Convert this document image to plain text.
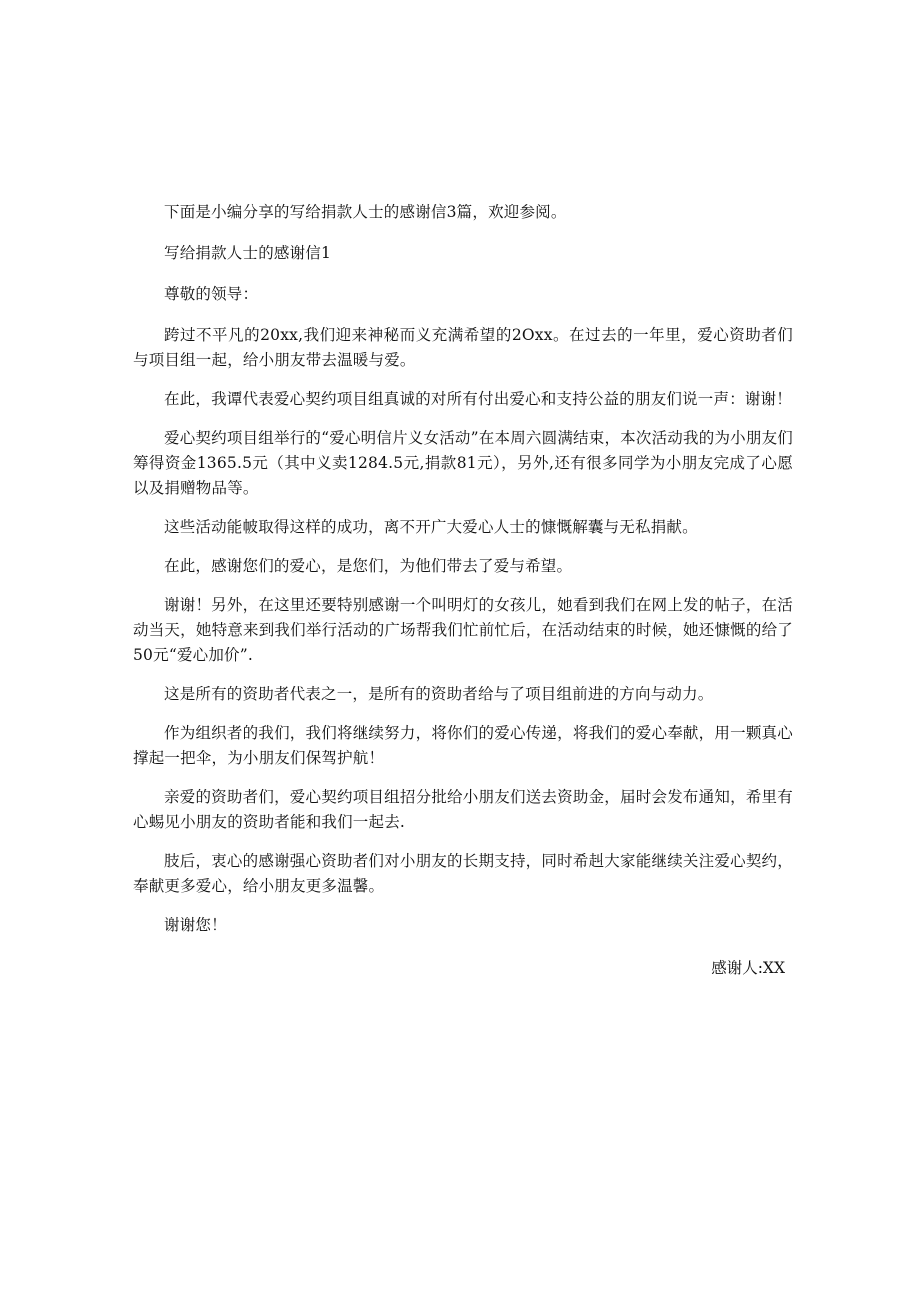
下面是小编分享的写给捐款人士的感谢信3篇，欢迎参阅。

写给捐款人士的感谢信1

尊敬的领导：

跨过不平凡的20xx,我们迎来神秘而义充满希望的2Oxx。在过去的一年里，爱心资助者们与项目组一起，给小朋友带去温暖与爱。

在此，我谭代表爱心契约项目组真诚的对所有付出爱心和支持公益的朋友们说一声：谢谢！

爱心契约项目组举行的“爱心明信片义女活动”在本周六圆满结束，本次活动我的为小朋友们筹得资金1365.5元（其中义卖1284.5元,捐款81元），另外,还有很多同学为小朋友完成了心愿以及捐赠物品等。

这些活动能帔取得这样的成功，离不开广大爱心人士的慷慨解囊与无私捐献。

在此，感谢您们的爱心，是您们，为他们带去了爱与希望。

谢谢！另外，在这里还要特别感谢一个叫明灯的女孩儿，她看到我们在网上发的帖子，在活动当天，她特意来到我们举行活动的广场帮我们忙前忙后，在活动结束的时候，她还慷慨的给了50元“爱心加价”.

这是所有的资助者代表之一，是所有的资助者给与了项目组前进的方向与动力。

作为组织者的我们，我们将继续努力，将你们的爱心传递，将我们的爱心奉献，用一颗真心撑起一把伞，为小朋友们保驾护航！

亲爱的资助者们，爱心契约项目组招分批给小朋友们送去资助金，届时会发布通知，希里有心蜴见小朋友的资助者能和我们一起去.

肢后，衷心的感谢强心资助者们对小朋友的长期支持，同时希赳大家能继续关注爱心契约，奉献更多爱心，给小朋友更多温馨。

谢谢您！

感谢人:XX
